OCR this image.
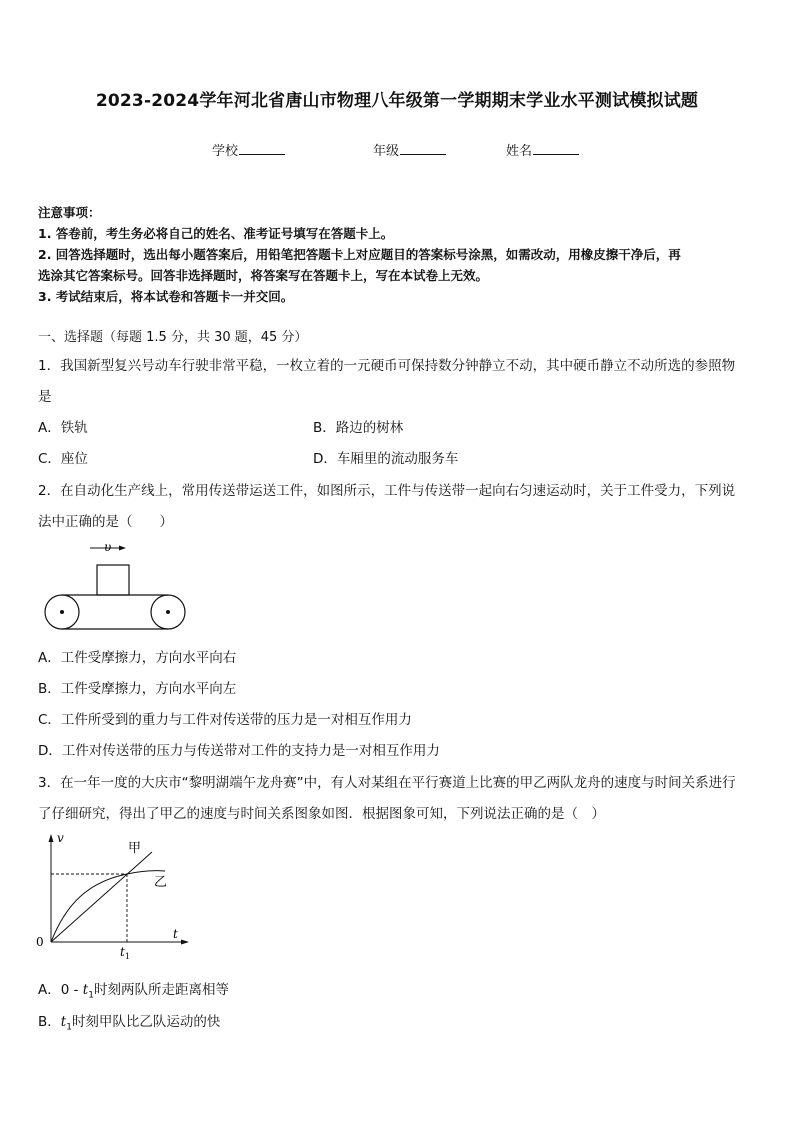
2023-2024学年河北省唐山市物理八年级第一学期期末学业水平测试模拟试题
学校	年级	姓名
注意事项：
1. 答卷前，考生务必将自己的姓名、准考证号填写在答题卡上。
2. 回答选择题时，选出每小题答案后，用铅笔把答题卡上对应题目的答案标号涂黑，如需改动，用橡皮擦干净后，再
选涂其它答案标号。回答非选择题时，将答案写在答题卡上，写在本试卷上无效。
3. 考试结束后，将本试卷和答题卡一并交回。
一、选择题（每题 1.5 分，共 30 题，45 分）
1．我国新型复兴号动车行驶非常平稳，一枚立着的一元硬币可保持数分钟静立不动，其中硬币静立不动所选的参照物
是
A．铁轨	B．路边的树林
C．座位	D．车厢里的流动服务车
2．在自动化生产线上，常用传送带运送工件，如图所示，工件与传送带一起向右匀速运动时，关于工件受力，下列说
法中正确的是（　　）
υ
A．工件受摩擦力，方向水平向右
B．工件受摩擦力，方向水平向左
C．工件所受到的重力与工件对传送带的压力是一对相互作用力
D．工件对传送带的压力与传送带对工件的支持力是一对相互作用力
3．在一年一度的大庆市“黎明湖端午龙舟赛”中，有人对某组在平行赛道上比赛的甲乙两队龙舟的速度与时间关系进行
了仔细研究，得出了甲乙的速度与时间关系图象如图．根据图象可知，下列说法正确的是（　）
v
t
0
甲
乙
$t_1$
A．$0 - t_1$时刻两队所走距离相等
B．$t_1$时刻甲队比乙队运动的快
